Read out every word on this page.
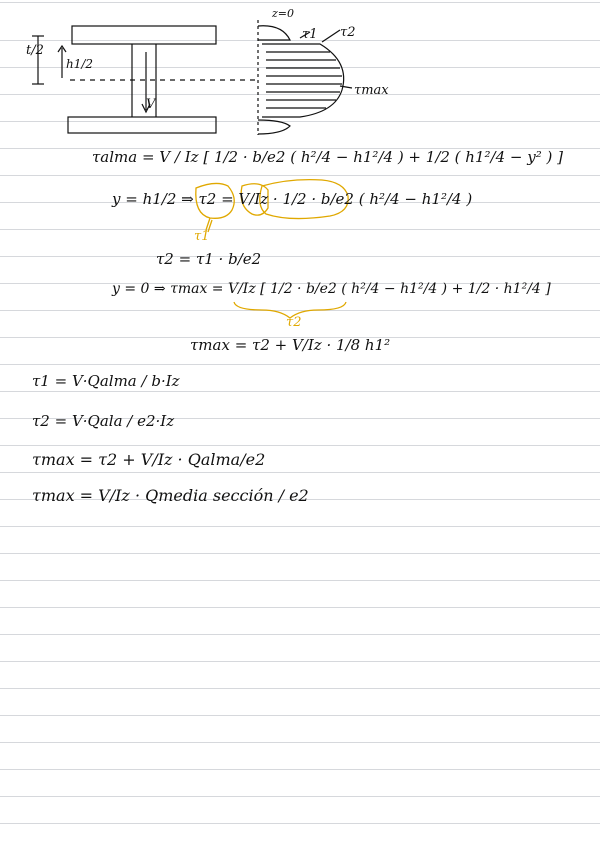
t/2
h1/2
V
z=0
τ1 τ2
τmax
τalma = V / Iz [ 1/2 · b/e2 ( h²/4 − h1²/4 ) + 1/2 ( h1²/4 − y² ) ]
y = h1/2 ⇒ τ2 = V/Iz · 1/2 · b/e2 ( h²/4 − h1²/4 )
τ1
τ2 = τ1 · b/e2
y = 0 ⇒ τmax = V/Iz [ 1/2 · b/e2 ( h²/4 − h1²/4 ) + 1/2 · h1²/4 ]
τ2
τmax = τ2 + V/Iz · 1/8 h1²
τ1 = V·Qalma / b·Iz
τ2 = V·Qala / e2·Iz
τmax = τ2 + V/Iz · Qalma/e2
τmax = V/Iz · Qmedia sección / e2
